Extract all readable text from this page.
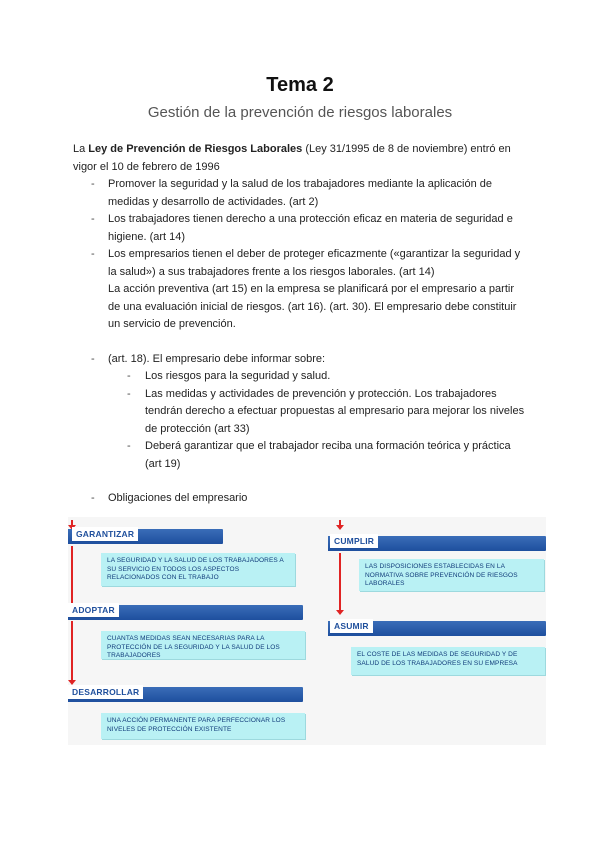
Tema 2
Gestión de la prevención de riesgos laborales

La Ley de Prevención de Riesgos Laborales (Ley 31/1995 de 8 de noviembre) entró en vigor el 10 de febrero de 1996

- Promover la seguridad y la salud de los trabajadores mediante la aplicación de medidas y desarrollo de actividades. (art 2)
- Los trabajadores tienen derecho a una protección eficaz en materia de seguridad e higiene. (art 14)
- Los empresarios tienen el deber de proteger eficazmente («garantizar la seguridad y la salud») a sus trabajadores frente a los riesgos laborales. (art 14)
La acción preventiva (art 15) en la empresa se planificará por el empresario a partir de una evaluación inicial de riesgos. (art 16). (art. 30). El empresario debe constituir un servicio de prevención.
- (art. 18). El empresario debe informar sobre:
- Los riesgos para la seguridad y salud.
- Las medidas y actividades de prevención y protección. Los trabajadores tendrán derecho a efectuar propuestas al empresario para mejorar los niveles de protección (art 33)
- Deberá garantizar que el trabajador reciba una formación teórica y práctica (art 19)
- Obligaciones del empresario
GARANTIZAR
LA SEGURIDAD Y LA SALUD DE LOS TRABAJADORES A SU SERVICIO EN TODOS LOS ASPECTOS RELACIONADOS CON EL TRABAJO
ADOPTAR
CUANTAS MEDIDAS SEAN NECESARIAS PARA LA PROTECCIÓN DE LA SEGURIDAD Y LA SALUD DE LOS TRABAJADORES
DESARROLLAR
UNA ACCIÓN PERMANENTE PARA PERFECCIONAR LOS NIVELES DE PROTECCIÓN EXISTENTE
CUMPLIR
LAS DISPOSICIONES ESTABLECIDAS EN LA NORMATIVA SOBRE PREVENCIÓN DE RIESGOS LABORALES
ASUMIR
EL COSTE DE LAS MEDIDAS DE SEGURIDAD Y DE SALUD DE LOS TRABAJADORES EN SU EMPRESA
